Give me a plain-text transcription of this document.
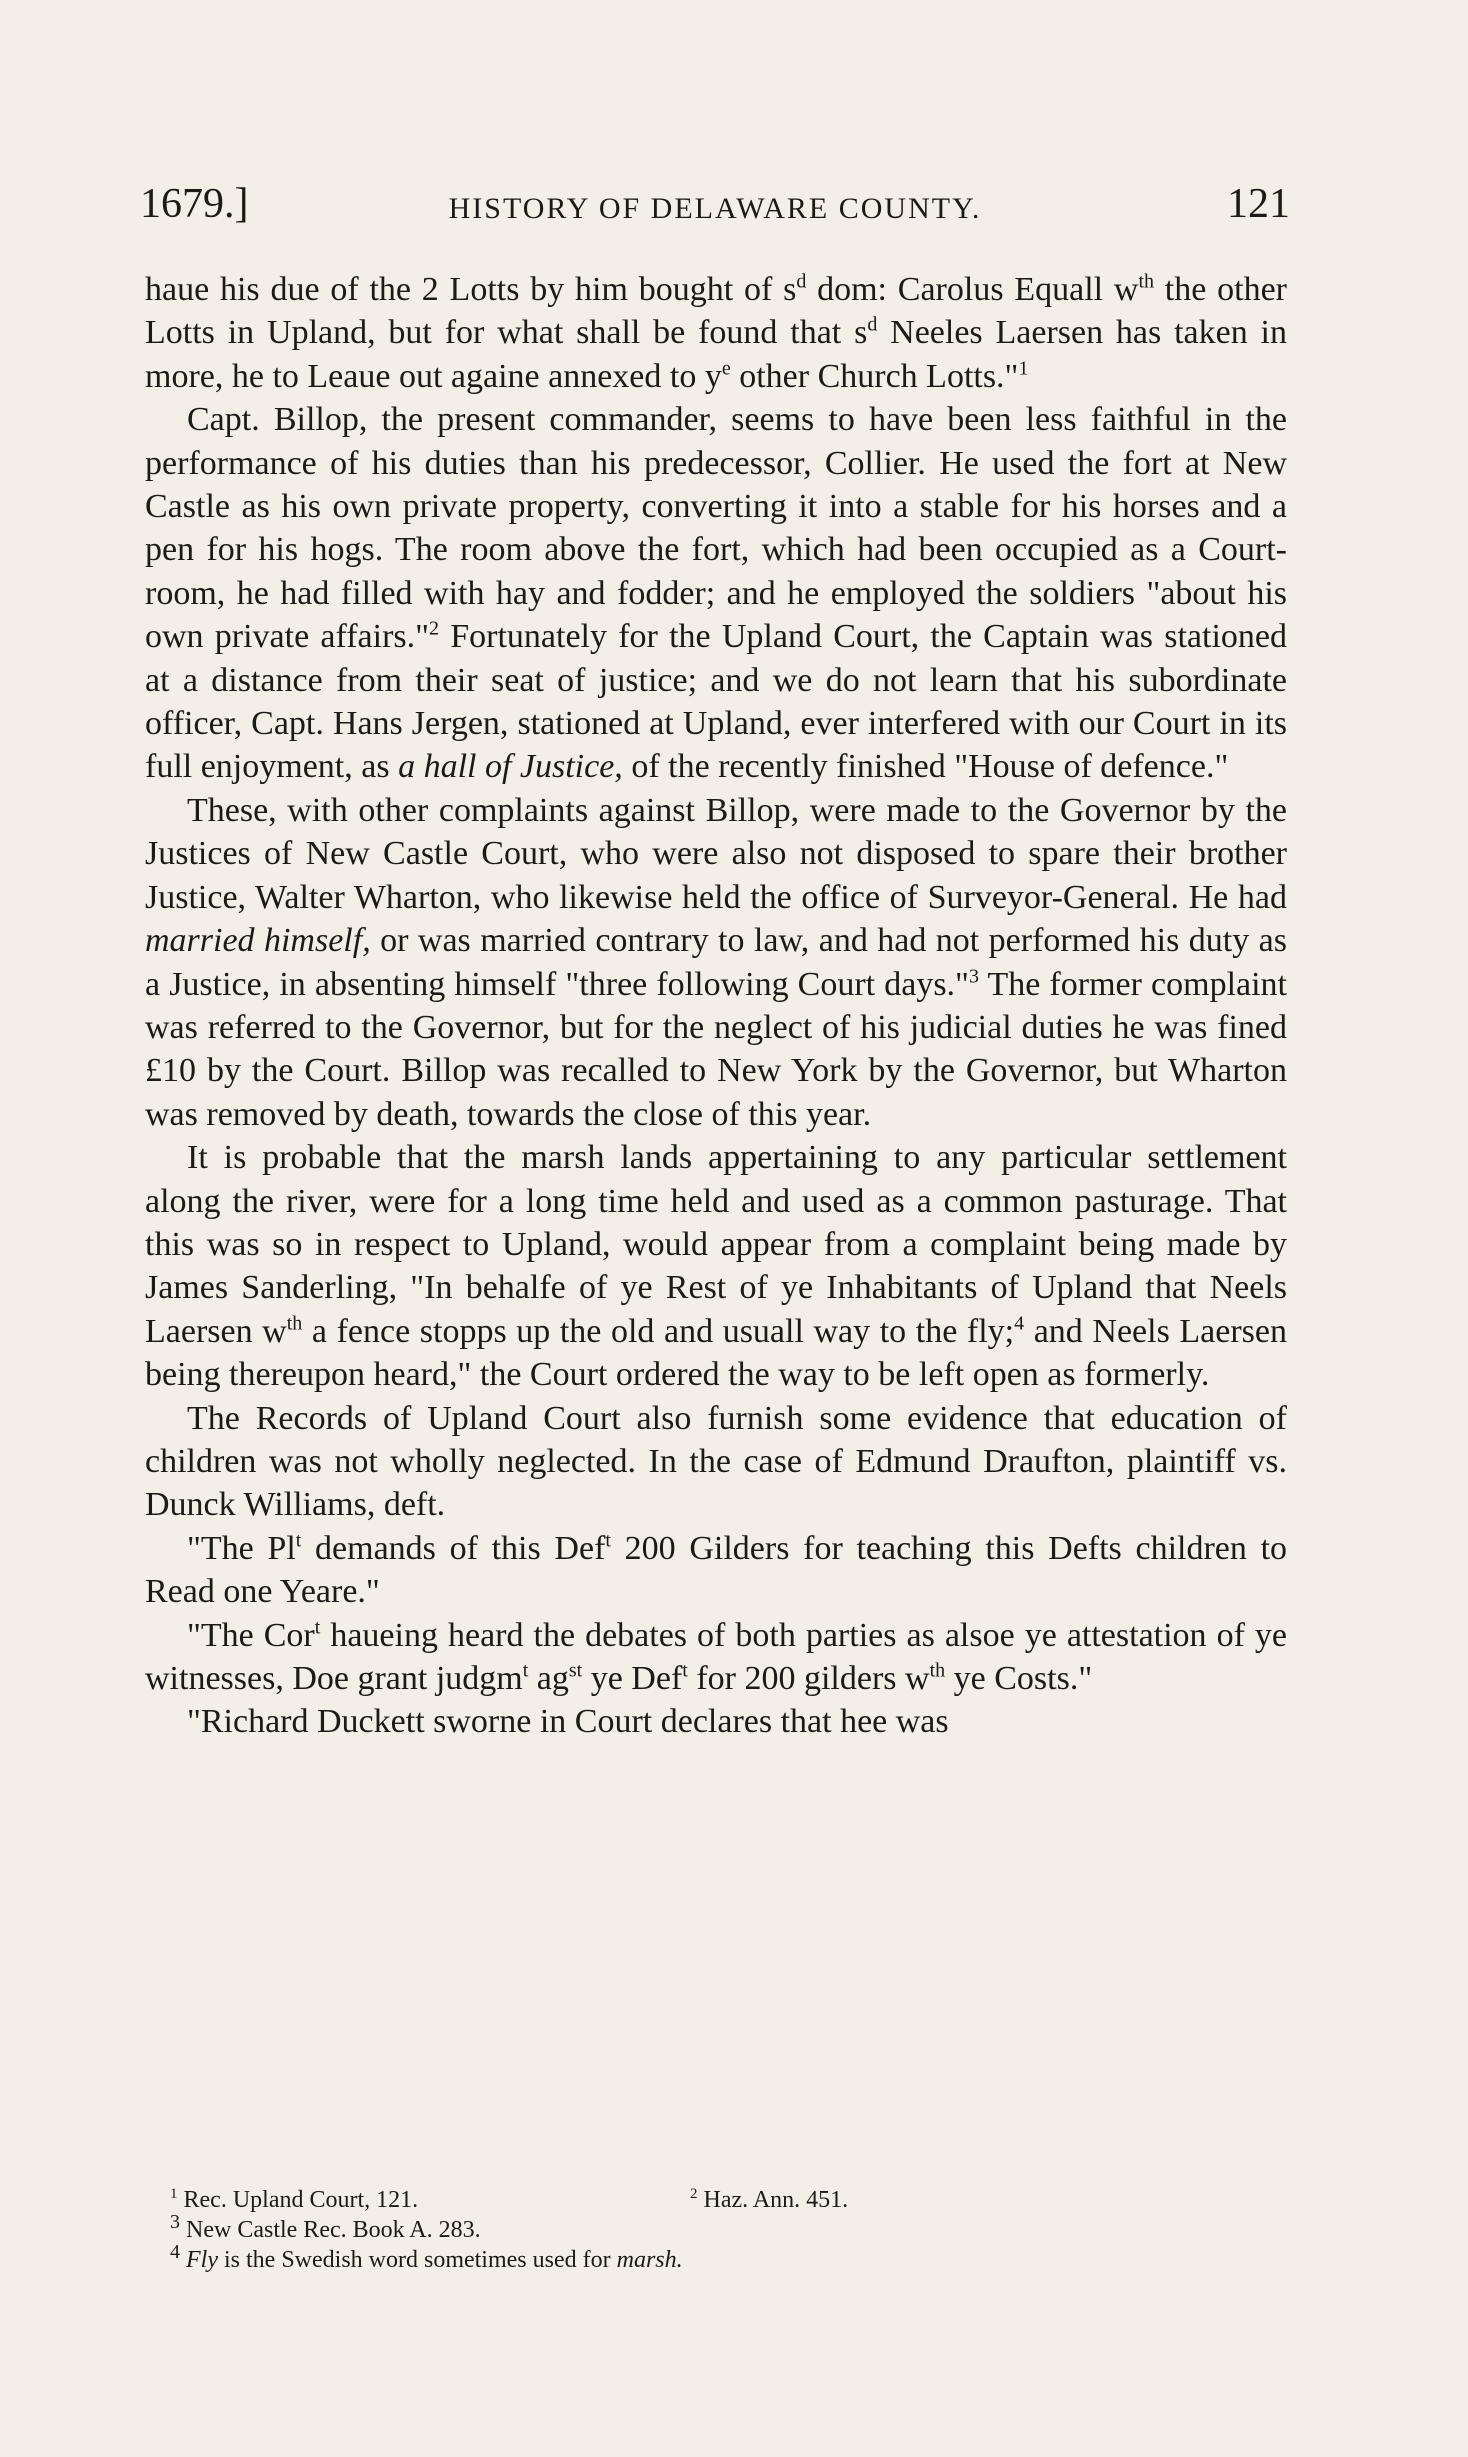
1679.]	HISTORY OF DELAWARE COUNTY.	121

haue his due of the 2 Lotts by him bought of $s^d$ dom: Carolus Equall $w^{th}$ the other Lotts in Upland, but for what shall be found that $s^d$ Neeles Laersen has taken in more, he to Leaue out againe annexed to $y^e$ other Church Lotts."$^1$

Capt. Billop, the present commander, seems to have been less faithful in the performance of his duties than his predecessor, Collier. He used the fort at New Castle as his own private property, converting it into a stable for his horses and a pen for his hogs. The room above the fort, which had been occupied as a Court-room, he had filled with hay and fodder; and he employed the soldiers "about his own private affairs."$^2$ Fortunately for the Upland Court, the Captain was stationed at a distance from their seat of justice; and we do not learn that his subordinate officer, Capt. Hans Jergen, stationed at Upland, ever interfered with our Court in its full enjoyment, as a hall of Justice, of the recently finished "House of defence."

These, with other complaints against Billop, were made to the Governor by the Justices of New Castle Court, who were also not disposed to spare their brother Justice, Walter Wharton, who likewise held the office of Surveyor-General. He had married himself, or was married contrary to law, and had not performed his duty as a Justice, in absenting himself "three following Court days."$^3$ The former complaint was referred to the Governor, but for the neglect of his judicial duties he was fined £10 by the Court. Billop was recalled to New York by the Governor, but Wharton was removed by death, towards the close of this year.

It is probable that the marsh lands appertaining to any particular settlement along the river, were for a long time held and used as a common pasturage. That this was so in respect to Upland, would appear from a complaint being made by James Sanderling, "In behalfe of ye Rest of ye Inhabitants of Upland that Neels Laersen $w^{th}$ a fence stopps up the old and usuall way to the fly;$^4$ and Neels Laersen being thereupon heard," the Court ordered the way to be left open as formerly.

The Records of Upland Court also furnish some evidence that education of children was not wholly neglected. In the case of Edmund Draufton, plaintiff vs. Dunck Williams, deft.

"The Pl$^t$ demands of this Def$^t$ 200 Gilders for teaching this Defts children to Read one Yeare."

"The Cor$^t$ haueing heard the debates of both parties as alsoe ye attestation of ye witnesses, Doe grant judgm$^t$ $ag^{st}$ ye Def$^t$ for 200 gilders $w^{th}$ ye Costs."

"Richard Duckett sworne in Court declares that hee was

$^1$ Rec. Upland Court, 121.	$^2$ Haz. Ann. 451.
$^3$ New Castle Rec. Book A. 283.
$^4$ Fly is the Swedish word sometimes used for marsh.
